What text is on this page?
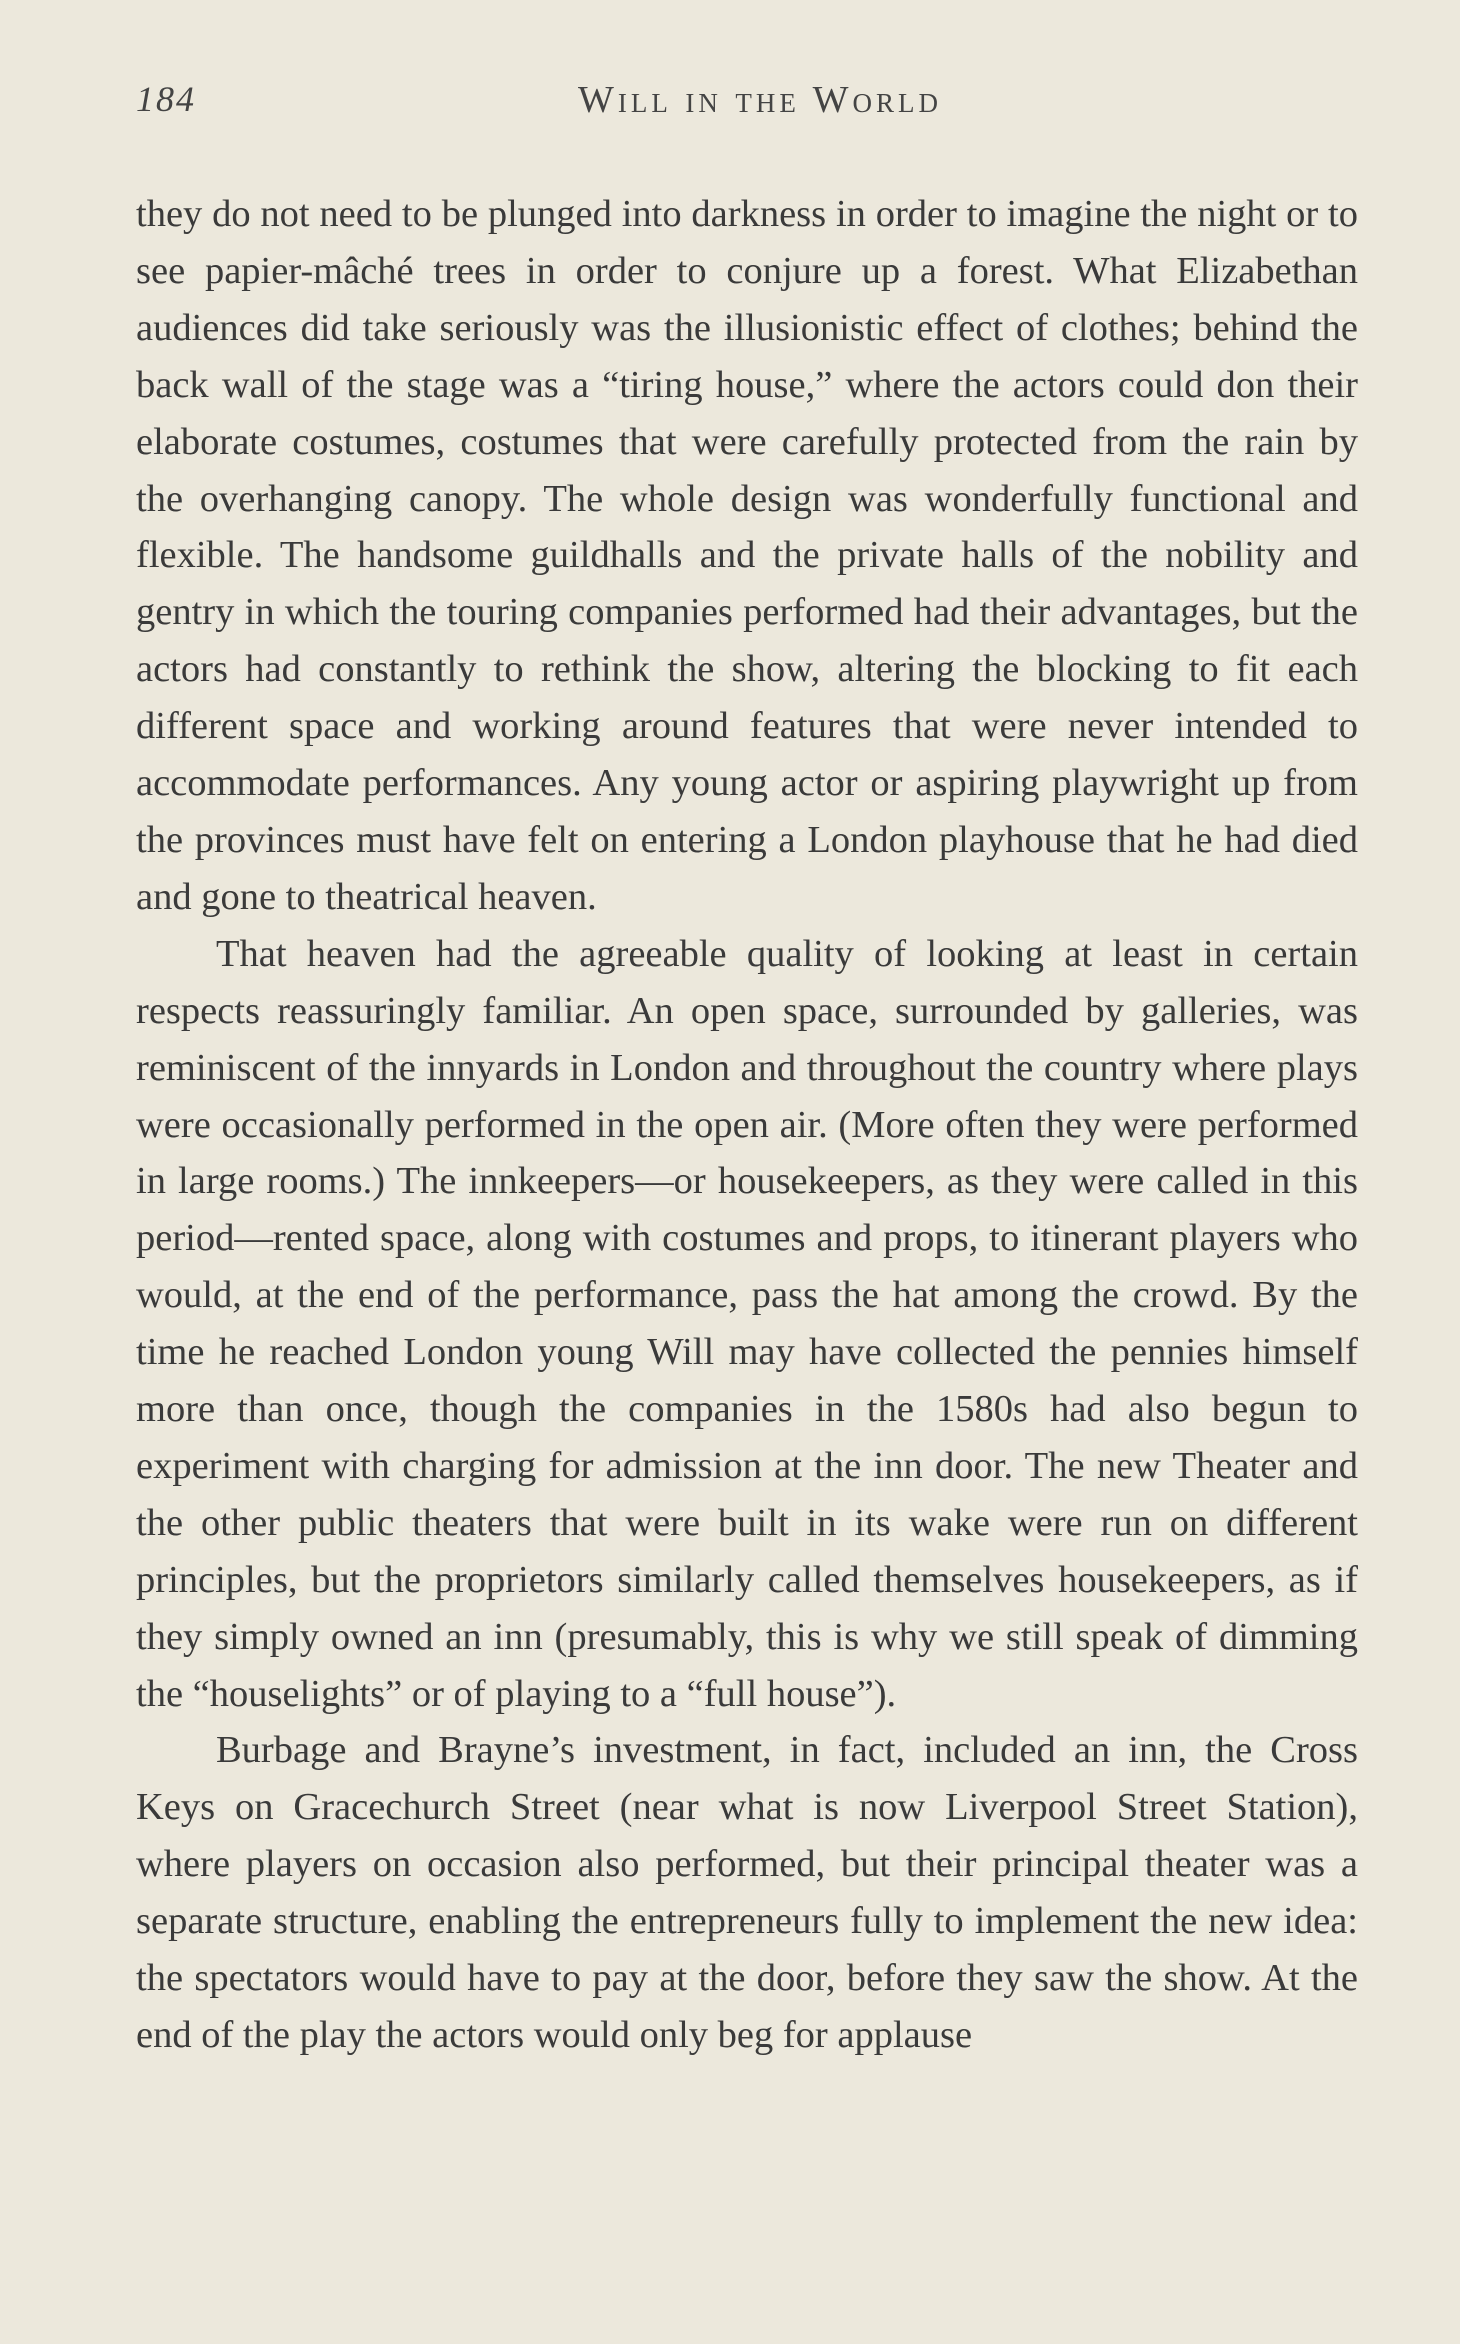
184	Will in the World

they do not need to be plunged into darkness in order to imagine the night or to see papier-mâché trees in order to conjure up a forest. What Elizabethan audiences did take seriously was the illusionistic effect of clothes; behind the back wall of the stage was a “tiring house,” where the actors could don their elaborate costumes, costumes that were carefully protected from the rain by the overhanging canopy. The whole design was wonderfully functional and flexible. The handsome guildhalls and the private halls of the nobility and gentry in which the touring companies performed had their advantages, but the actors had constantly to rethink the show, altering the blocking to fit each different space and working around features that were never intended to accommodate performances. Any young actor or aspiring playwright up from the provinces must have felt on entering a London playhouse that he had died and gone to theatrical heaven.

That heaven had the agreeable quality of looking at least in certain respects reassuringly familiar. An open space, surrounded by galleries, was reminiscent of the innyards in London and throughout the country where plays were occasionally performed in the open air. (More often they were performed in large rooms.) The innkeepers—or housekeepers, as they were called in this period—rented space, along with costumes and props, to itinerant players who would, at the end of the performance, pass the hat among the crowd. By the time he reached London young Will may have collected the pennies himself more than once, though the companies in the 1580s had also begun to experiment with charging for admission at the inn door. The new Theater and the other public theaters that were built in its wake were run on different principles, but the proprietors similarly called themselves housekeepers, as if they simply owned an inn (presumably, this is why we still speak of dimming the “houselights” or of playing to a “full house”).

Burbage and Brayne’s investment, in fact, included an inn, the Cross Keys on Gracechurch Street (near what is now Liverpool Street Station), where players on occasion also performed, but their principal theater was a separate structure, enabling the entrepreneurs fully to implement the new idea: the spectators would have to pay at the door, before they saw the show. At the end of the play the actors would only beg for applause
